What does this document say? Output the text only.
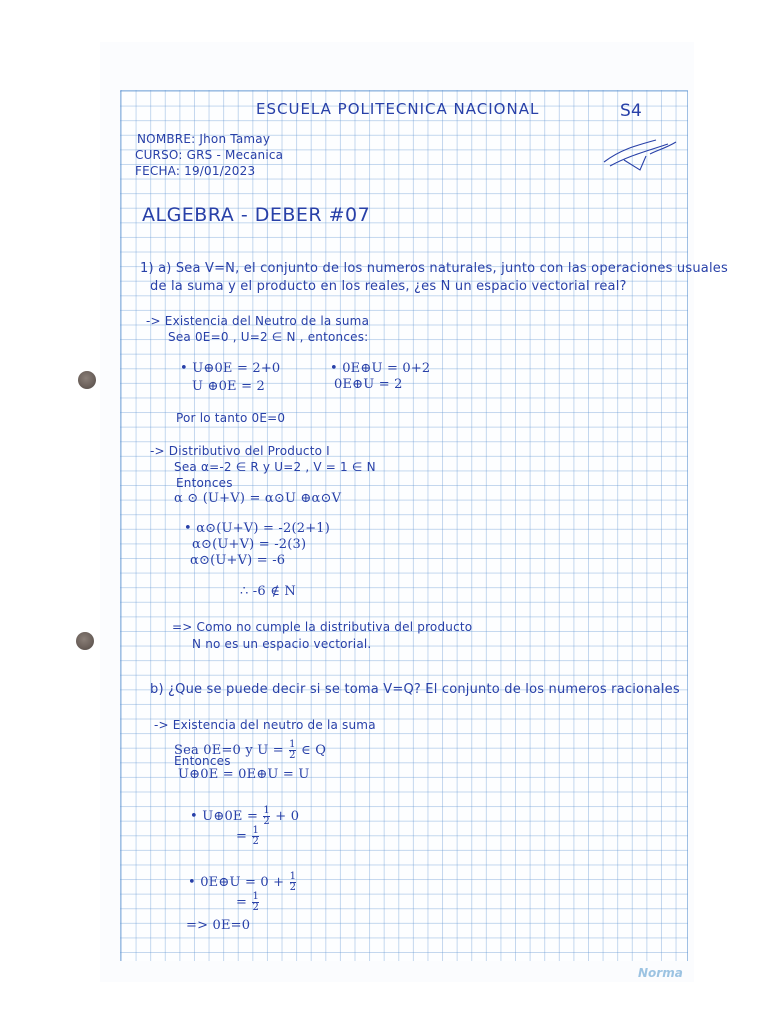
ESCUELA POLITECNICA NACIONAL	S4
NOMBRE: Jhon Tamay
CURSO: GRS - Mecanica
FECHA: 19/01/2023
ALGEBRA - DEBER #07
1) a) Sea V=N, el conjunto de los numeros naturales, junto con las operaciones usuales
de la suma y el producto en los reales, ¿es N un espacio vectorial real?
-> Existencia del Neutro de la suma
Sea 0E=0 , U=2 ∈ N , entonces:
• U⊕0E = 2+0
U ⊕0E = 2
• 0E⊕U = 0+2
0E⊕U = 2
Por lo tanto 0E=0
-> Distributivo del Producto I
Sea α=-2 ∈ R y U=2 , V = 1 ∈ N
Entonces
α ⊙ (U+V) = α⊙U ⊕α⊙V
• α⊙(U+V) = -2(2+1)
α⊙(U+V) = -2(3)
α⊙(U+V) = -6
∴ -6 ∉ N
=> Como no cumple la distributiva del producto
N no es un espacio vectorial.
b) ¿Que se puede decir si se toma V=Q? El conjunto de los numeros racionales
-> Existencia del neutro de la suma
Sea 0E=0 y $U = \frac{1}{2}$ ∈ Q
Entonces
U⊕0E = 0E⊕U = U
• U⊕0E = $\frac{1}{2} + 0$
= $\frac{1}{2}$
• 0E⊕U = $0 + \frac{1}{2}$
= $\frac{1}{2}$
=> 0E=0
Norma
